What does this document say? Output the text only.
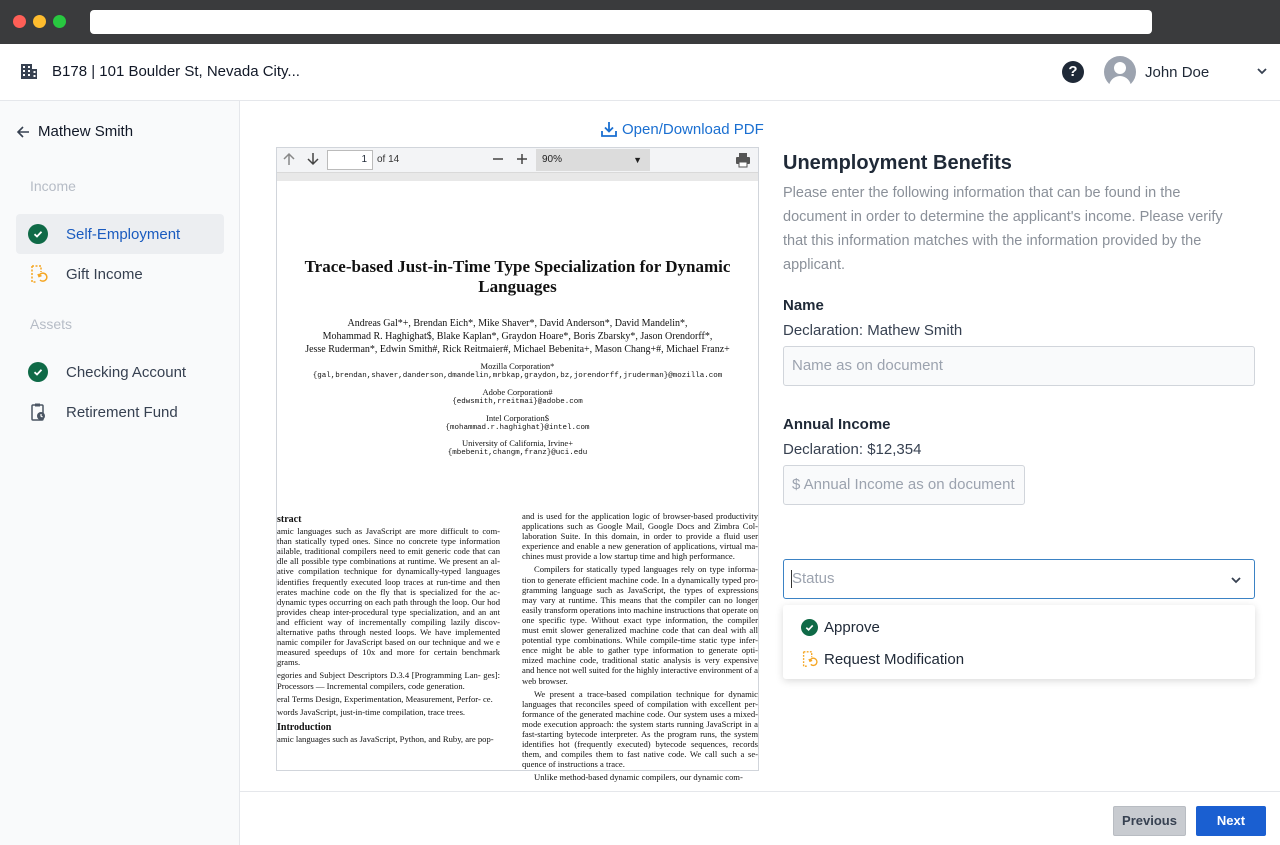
B178 | 101 Boulder St, Nevada City...	?	John Doe
Mathew Smith
Income
Self-Employment
Gift Income
Assets
Checking Account
Retirement Fund
Open/Download PDF
1	of 14	90%	▼
Trace-based Just-in-Time Type Specialization for Dynamic
Languages
Andreas Gal*+, Brendan Eich*, Mike Shaver*, David Anderson*, David Mandelin*,
Mohammad R. Haghighat$, Blake Kaplan*, Graydon Hoare*, Boris Zbarsky*, Jason Orendorff*,
Jesse Ruderman*, Edwin Smith#, Rick Reitmaier#, Michael Bebenita+, Mason Chang+#, Michael Franz+
Mozilla Corporation*
{gal,brendan,shaver,danderson,dmandelin,mrbkap,graydon,bz,jorendorff,jruderman}@mozilla.com
Adobe Corporation#
{edwsmith,rreitmai}@adobe.com
Intel Corporation$
{mohammad.r.haghighat}@intel.com
University of California, Irvine+
{mbebenit,changm,franz}@uci.edu
stract
amic languages such as JavaScript are more difficult to com- than statically typed ones. Since no concrete type information ailable, traditional compilers need to emit generic code that can dle all possible type combinations at runtime. We present an al- ative compilation technique for dynamically-typed languages identifies frequently executed loop traces at run-time and then erates machine code on the fly that is specialized for the ac- dynamic types occurring on each path through the loop. Our hod provides cheap inter-procedural type specialization, and an ant and efficient way of incrementally compiling lazily discov- alternative paths through nested loops. We have implemented namic compiler for JavaScript based on our technique and we e measured speedups of 10x and more for certain benchmark grams.
egories and Subject Descriptors D.3.4 [Programming Lan- ges]: Processors — Incremental compilers, code generation.
eral Terms Design, Experimentation, Measurement, Perfor- ce.
words JavaScript, just-in-time compilation, trace trees.
Introduction
amic languages such as JavaScript, Python, and Ruby, are pop-
and is used for the application logic of browser-based productivity applications such as Google Mail, Google Docs and Zimbra Col- laboration Suite. In this domain, in order to provide a fluid user experience and enable a new generation of applications, virtual ma- chines must provide a low startup time and high performance.
Compilers for statically typed languages rely on type informa- tion to generate efficient machine code. In a dynamically typed pro- gramming language such as JavaScript, the types of expressions may vary at runtime. This means that the compiler can no longer easily transform operations into machine instructions that operate on one specific type. Without exact type information, the compiler must emit slower generalized machine code that can deal with all potential type combinations. While compile-time static type infer- ence might be able to gather type information to generate opti- mized machine code, traditional static analysis is very expensive and hence not well suited for the highly interactive environment of a web browser.
We present a trace-based compilation technique for dynamic languages that reconciles speed of compilation with excellent per- formance of the generated machine code. Our system uses a mixed- mode execution approach: the system starts running JavaScript in a fast-starting bytecode interpreter. As the program runs, the system identifies hot (frequently executed) bytecode sequences, records them, and compiles them to fast native code. We call such a se- quence of instructions a trace.
Unlike method-based dynamic compilers, our dynamic com-
Unemployment Benefits
Please enter the following information that can be found in the document in order to determine the applicant's income. Please verify that this information matches with the information provided by the applicant.
Name
Declaration: Mathew Smith
Name as on document
Annual Income
Declaration: $12,354
$ Annual Income as on document
Status
Approve
Request Modification
Previous	Next
